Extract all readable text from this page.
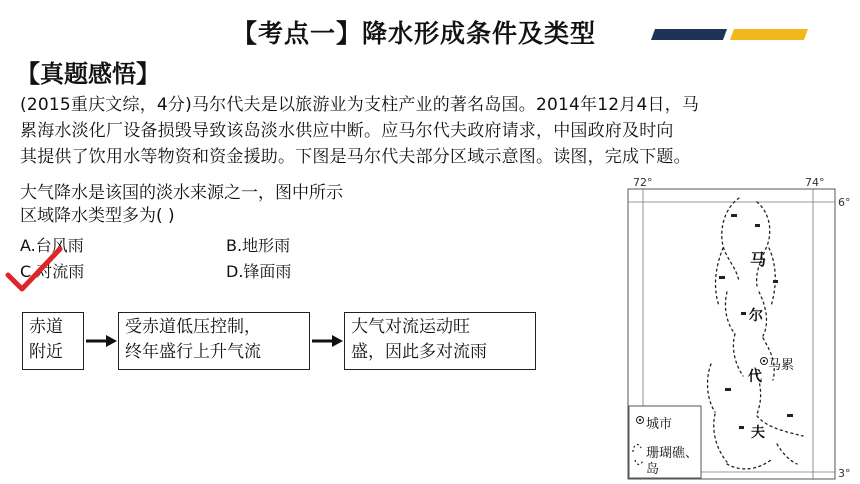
【考点一】降水形成条件及类型
【真题感悟】
(2015重庆文综，4分)马尔代夫是以旅游业为支柱产业的著名岛国。2014年12月4日，马
累海水淡化厂设备损毁导致该岛淡水供应中断。应马尔代夫政府请求，中国政府及时向
其提供了饮用水等物资和资金援助。下图是马尔代夫部分区域示意图。读图，完成下题。
大气降水是该国的淡水来源之一，图中所示
区域降水类型多为( )
A.台风雨	B.地形雨
C.对流雨	D.锋面雨
赤道
附近
受赤道低压控制，
终年盛行上升气流
大气对流运动旺
盛，因此多对流雨
72°	74°
6°
3°
马
尔
代
夫
马累
城市
珊瑚礁、
岛
